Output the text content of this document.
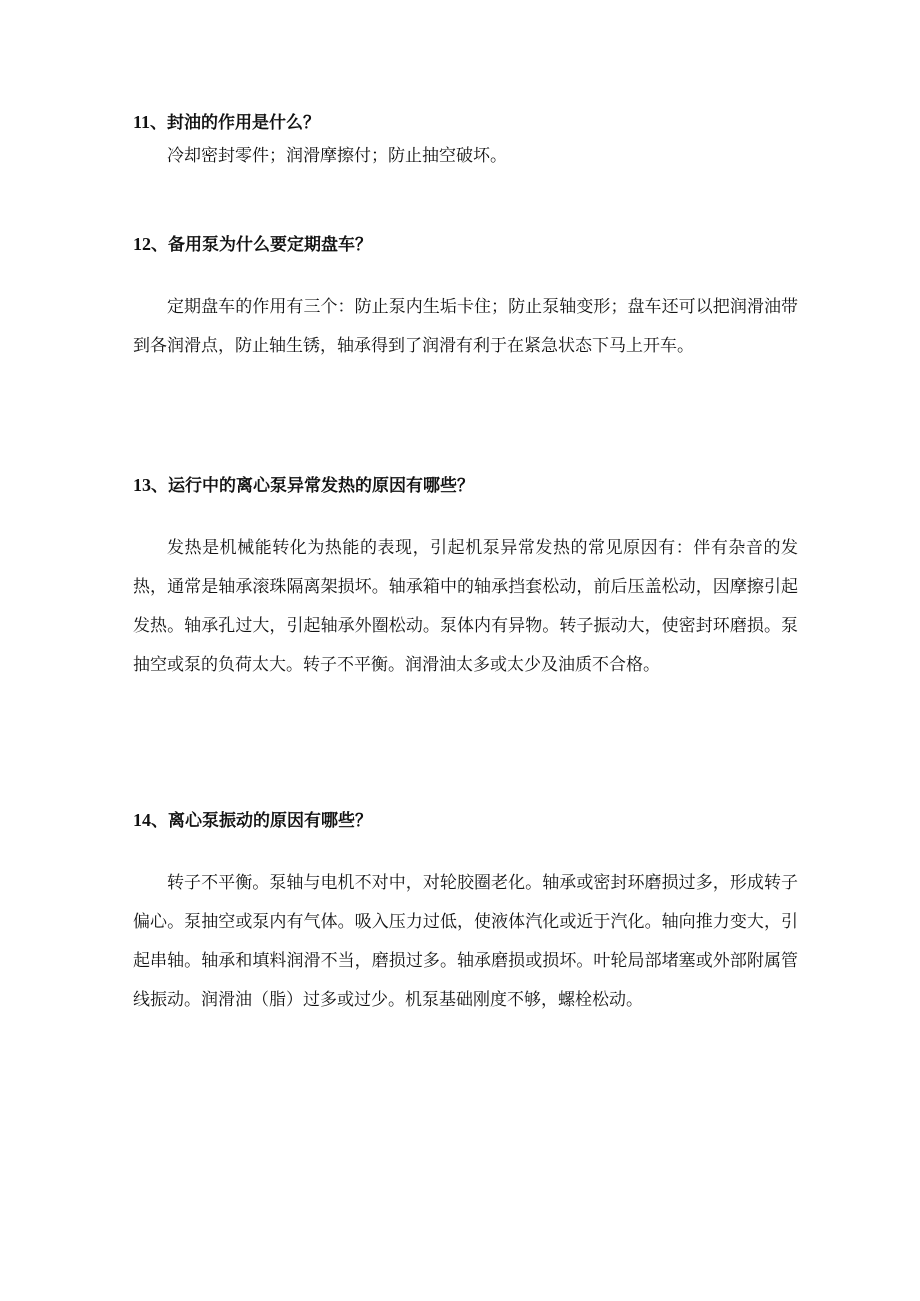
11、封油的作用是什么？

冷却密封零件；润滑摩擦付；防止抽空破坏。

12、备用泵为什么要定期盘车？

定期盘车的作用有三个：防止泵内生垢卡住；防止泵轴变形；盘车还可以把润滑油带到各润滑点，防止轴生锈，轴承得到了润滑有利于在紧急状态下马上开车。

13、运行中的离心泵异常发热的原因有哪些？

发热是机械能转化为热能的表现，引起机泵异常发热的常见原因有：伴有杂音的发热，通常是轴承滚珠隔离架损坏。轴承箱中的轴承挡套松动，前后压盖松动，因摩擦引起发热。轴承孔过大，引起轴承外圈松动。泵体内有异物。转子振动大，使密封环磨损。泵抽空或泵的负荷太大。转子不平衡。润滑油太多或太少及油质不合格。

14、离心泵振动的原因有哪些？

转子不平衡。泵轴与电机不对中，对轮胶圈老化。轴承或密封环磨损过多，形成转子偏心。泵抽空或泵内有气体。吸入压力过低，使液体汽化或近于汽化。轴向推力变大，引起串轴。轴承和填料润滑不当，磨损过多。轴承磨损或损坏。叶轮局部堵塞或外部附属管线振动。润滑油（脂）过多或过少。机泵基础刚度不够，螺栓松动。
